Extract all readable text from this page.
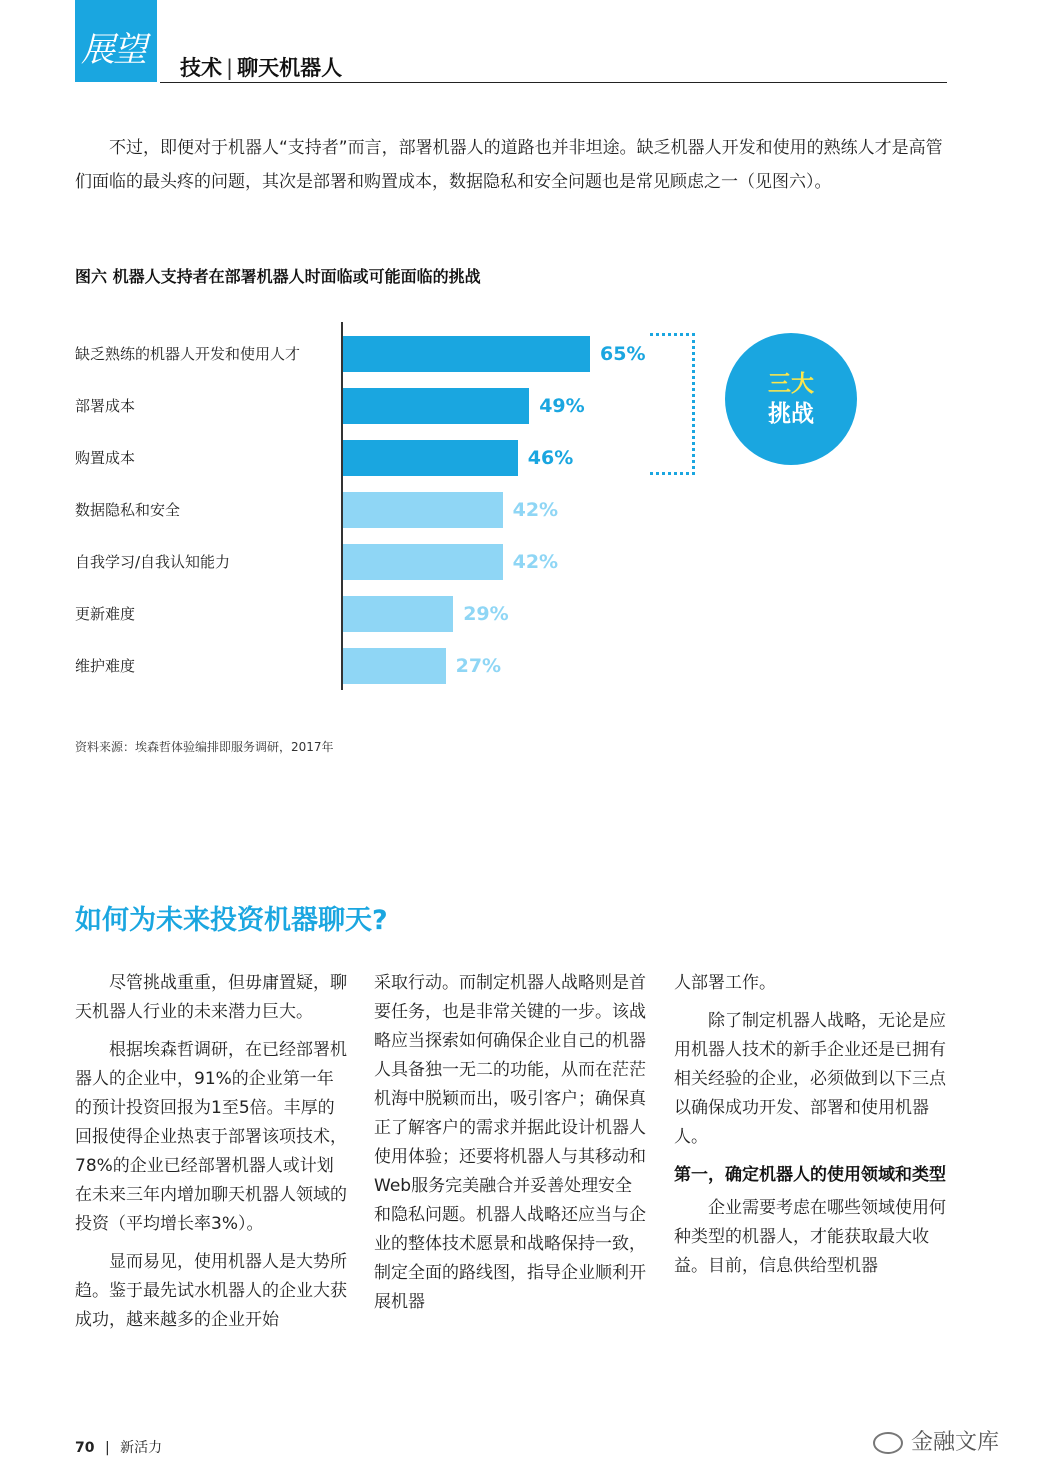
展望 技术 | 聊天机器人
不过，即便对于机器人“支持者”而言，部署机器人的道路也并非坦途。缺乏机器人开发和使用的熟练人才是高管们面临的最头疼的问题，其次是部署和购置成本，数据隐私和安全问题也是常见顾虑之一（见图六）。
图六 机器人支持者在部署机器人时面临或可能面临的挑战
缺乏熟练的机器人开发和使用人才	65%
部署成本	49%
购置成本	46%
数据隐私和安全	42%
自我学习/自我认知能力	42%
更新难度	29%
维护难度	27%
三大
挑战
资料来源：埃森哲体验编排即服务调研，2017年
如何为未来投资机器聊天?

尽管挑战重重，但毋庸置疑，聊天机器人行业的未来潜力巨大。

根据埃森哲调研，在已经部署机器人的企业中，91%的企业第一年的预计投资回报为1至5倍。丰厚的回报使得企业热衷于部署该项技术，78%的企业已经部署机器人或计划在未来三年内增加聊天机器人领域的投资（平均增长率3%）。

显而易见，使用机器人是大势所趋。鉴于最先试水机器人的企业大获成功，越来越多的企业开始

采取行动。而制定机器人战略则是首要任务，也是非常关键的一步。该战略应当探索如何确保企业自己的机器人具备独一无二的功能，从而在茫茫机海中脱颖而出，吸引客户；确保真正了解客户的需求并据此设计机器人使用体验；还要将机器人与其移动和Web服务完美融合并妥善处理安全和隐私问题。机器人战略还应当与企业的整体技术愿景和战略保持一致，制定全面的路线图，指导企业顺利开展机器

人部署工作。

除了制定机器人战略，无论是应用机器人技术的新手企业还是已拥有相关经验的企业，必须做到以下三点以确保成功开发、部署和使用机器人。

第一，确定机器人的使用领域和类型

企业需要考虑在哪些领域使用何种类型的机器人，才能获取最大收益。目前，信息供给型机器

70 | 新活力	金融文库
